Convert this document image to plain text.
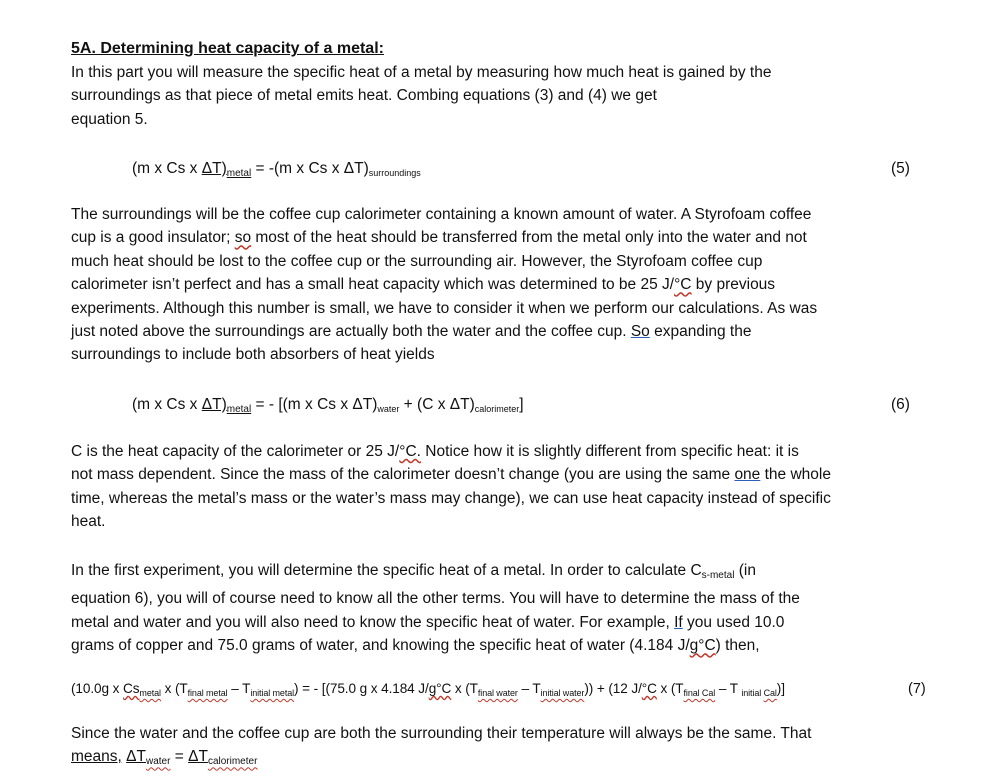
5A. Determining heat capacity of a metal:
In this part you will measure the specific heat of a metal by measuring how much heat is gained by the
surroundings as that piece of metal emits heat. Combing equations (3) and (4) we get
equation 5.
(m x Cs x $\Delta T)_{metal} = -(m$ x Cs x ΔT)surroundings	(5)
The surroundings will be the coffee cup calorimeter containing a known amount of water. A Styrofoam coffee
cup is a good insulator; so most of the heat should be transferred from the metal only into the water and not
much heat should be lost to the coffee cup or the surrounding air. However, the Styrofoam coffee cup
calorimeter isn’t perfect and has a small heat capacity which was determined to be 25 J/°C by previous
experiments. Although this number is small, we have to consider it when we perform our calculations. As was
just noted above the surroundings are actually both the water and the coffee cup. So expanding the
surroundings to include both absorbers of heat yields
(m x Cs x $\Delta T)_{metal}$ = - [(m x Cs x ΔT)water + (C x ΔT)calorimeter]	(6)
C is the heat capacity of the calorimeter or 25 J/°C. Notice how it is slightly different from specific heat: it is
not mass dependent. Since the mass of the calorimeter doesn’t change (you are using the same one the whole
time, whereas the metal’s mass or the water’s mass may change), we can use heat capacity instead of specific
heat.
In the first experiment, you will determine the specific heat of a metal. In order to calculate $C_{s-metal}$ (in
equation 6), you will of course need to know all the other terms. You will have to determine the mass of the
metal and water and you will also need to know the specific heat of water. For example, If you used 10.0
grams of copper and 75.0 grams of water, and knowing the specific heat of water (4.184 J/g°C) then,
(10.0g x $Cs_{metal}$ x $(T_{final metal} - T_{initial metal})$ = - [(75.0 g x 4.184 J/g°C x $(T_{final water} - T_{initial water})) + (12$ J/°C x ($T_{final Cal}$ – T $_{initial}$ $_{Cal}$)]	(7)
Since the water and the coffee cup are both the surrounding their temperature will always be the same. That
means, $\Delta T_{water} = \Delta T_{calorimeter}$
